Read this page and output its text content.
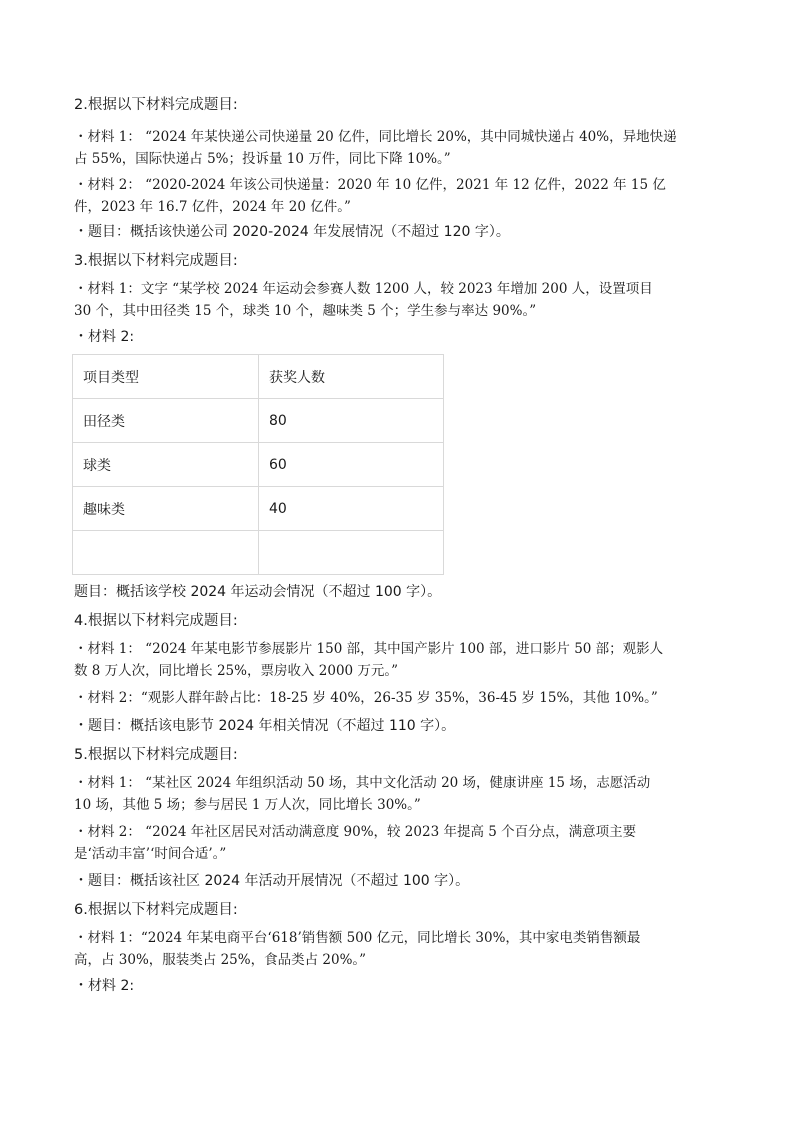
2.根据以下材料完成题目:
・材料 1： “2024 年某快递公司快递量 20 亿件，同比增长 20%，其中同城快递占 40%，异地快递
占 55%，国际快递占 5%；投诉量 10 万件，同比下降 10%。”
・材料 2： “2020-2024 年该公司快递量：2020 年 10 亿件，2021 年 12 亿件，2022 年 15 亿
件，2023 年 16.7 亿件，2024 年 20 亿件。”
・题目：概括该快递公司 2020-2024 年发展情况（不超过 120 字）。
3.根据以下材料完成题目:
・材料 1：文字 “某学校 2024 年运动会参赛人数 1200 人，较 2023 年增加 200 人，设置项目
30 个，其中田径类 15 个，球类 10 个，趣味类 5 个；学生参与率达 90%。”
・材料 2:
项目类型	获奖人数
田径类	80
球类	60
趣味类	40

题目：概括该学校 2024 年运动会情况（不超过 100 字）。
4.根据以下材料完成题目:
・材料 1： “2024 年某电影节参展影片 150 部，其中国产影片 100 部，进口影片 50 部；观影人
数 8 万人次，同比增长 25%，票房收入 2000 万元。”
・材料 2：“观影人群年龄占比：18-25 岁 40%，26-35 岁 35%，36-45 岁 15%，其他 10%。”
・题目：概括该电影节 2024 年相关情况（不超过 110 字）。
5.根据以下材料完成题目:
・材料 1： “某社区 2024 年组织活动 50 场，其中文化活动 20 场，健康讲座 15 场，志愿活动
10 场，其他 5 场；参与居民 1 万人次，同比增长 30%。”
・材料 2： “2024 年社区居民对活动满意度 90%，较 2023 年提高 5 个百分点，满意项主要
是‘活动丰富’‘时间合适’。”
・题目：概括该社区 2024 年活动开展情况（不超过 100 字）。
6.根据以下材料完成题目:
・材料 1：“2024 年某电商平台‘618’销售额 500 亿元，同比增长 30%，其中家电类销售额最
高，占 30%，服装类占 25%，食品类占 20%。”
・材料 2:
